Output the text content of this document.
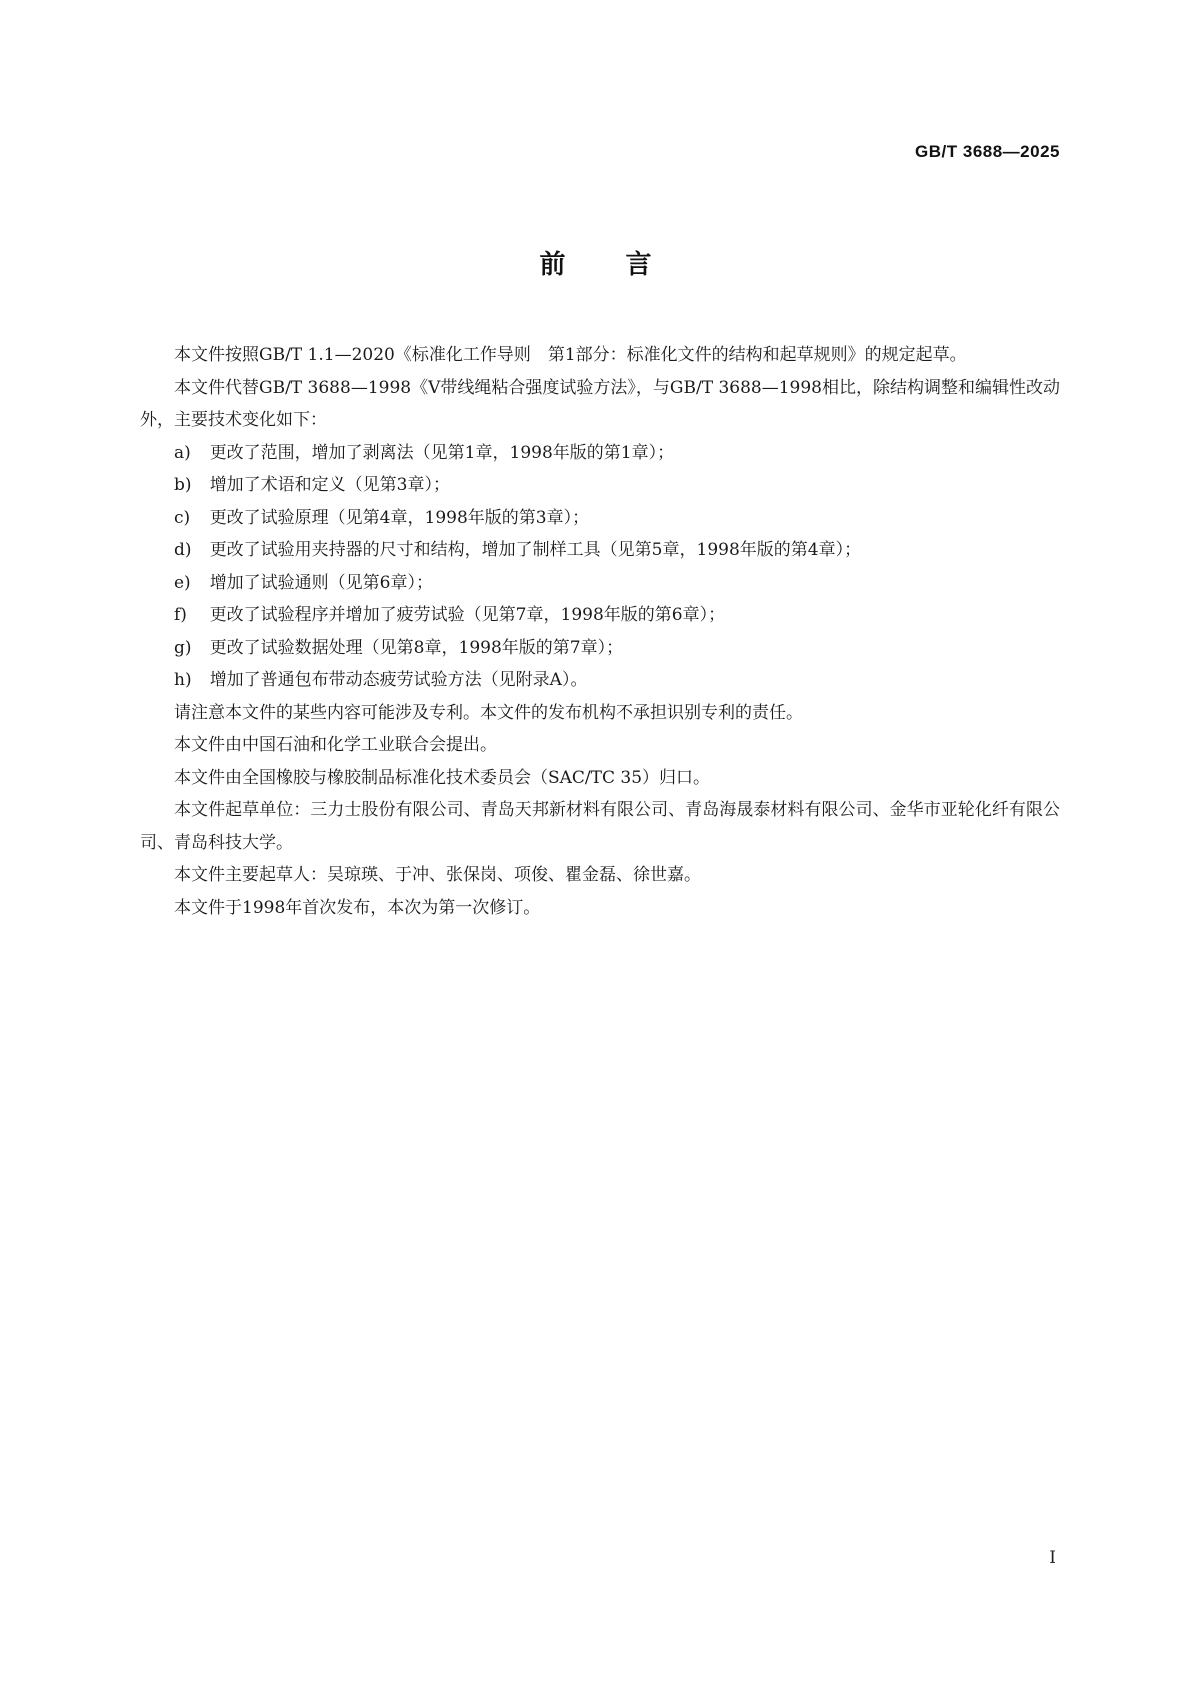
GB/T 3688—2025
前言

本文件按照GB/T 1.1—2020《标准化工作导则　第1部分：标准化文件的结构和起草规则》的规定起草。

本文件代替GB/T 3688—1998《V带线绳粘合强度试验方法》，与GB/T 3688—1998相比，除结构调整和编辑性改动外，主要技术变化如下：

a) 更改了范围，增加了剥离法（见第1章，1998年版的第1章）；

b) 增加了术语和定义（见第3章）；

c) 更改了试验原理（见第4章，1998年版的第3章）；

d) 更改了试验用夹持器的尺寸和结构，增加了制样工具（见第5章，1998年版的第4章）；

e) 增加了试验通则（见第6章）；

f) 更改了试验程序并增加了疲劳试验（见第7章，1998年版的第6章）；

g) 更改了试验数据处理（见第8章，1998年版的第7章）；

h) 增加了普通包布带动态疲劳试验方法（见附录A）。

请注意本文件的某些内容可能涉及专利。本文件的发布机构不承担识别专利的责任。

本文件由中国石油和化学工业联合会提出。

本文件由全国橡胶与橡胶制品标准化技术委员会（SAC/TC 35）归口。

本文件起草单位：三力士股份有限公司、青岛天邦新材料有限公司、青岛海晟泰材料有限公司、金华市亚轮化纤有限公司、青岛科技大学。

本文件主要起草人：吴琼瑛、于冲、张保岗、项俊、瞿金磊、徐世嘉。

本文件于1998年首次发布，本次为第一次修订。

I
